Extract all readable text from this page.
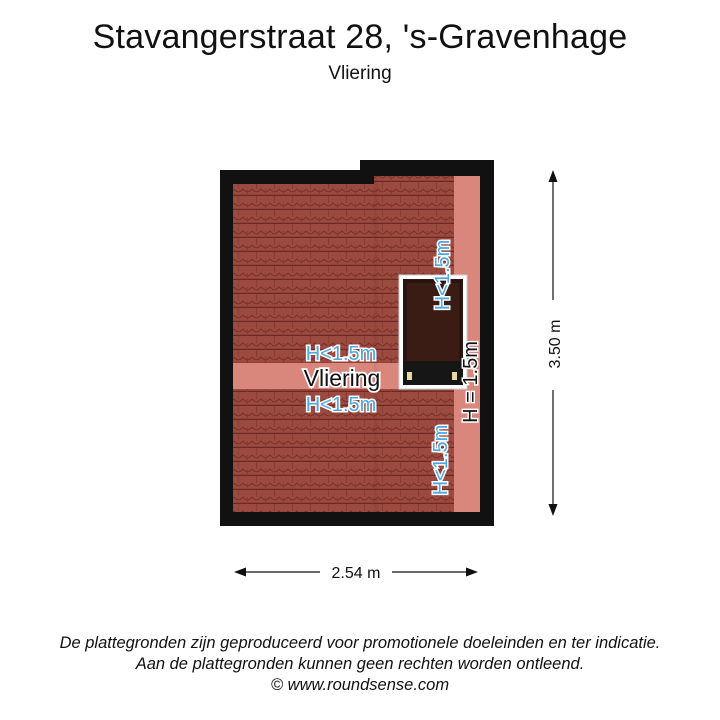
Stavangerstraat 28, 's-Gravenhage
Vliering
H<1.5m
Vliering
H<1.5m
H<1.5m
H = 1.5m
H<1.5m
3.50 m
2.54 m
De plattegronden zijn geproduceerd voor promotionele doeleinden en ter indicatie.
Aan de plattegronden kunnen geen rechten worden ontleend.
© www.roundsense.com
